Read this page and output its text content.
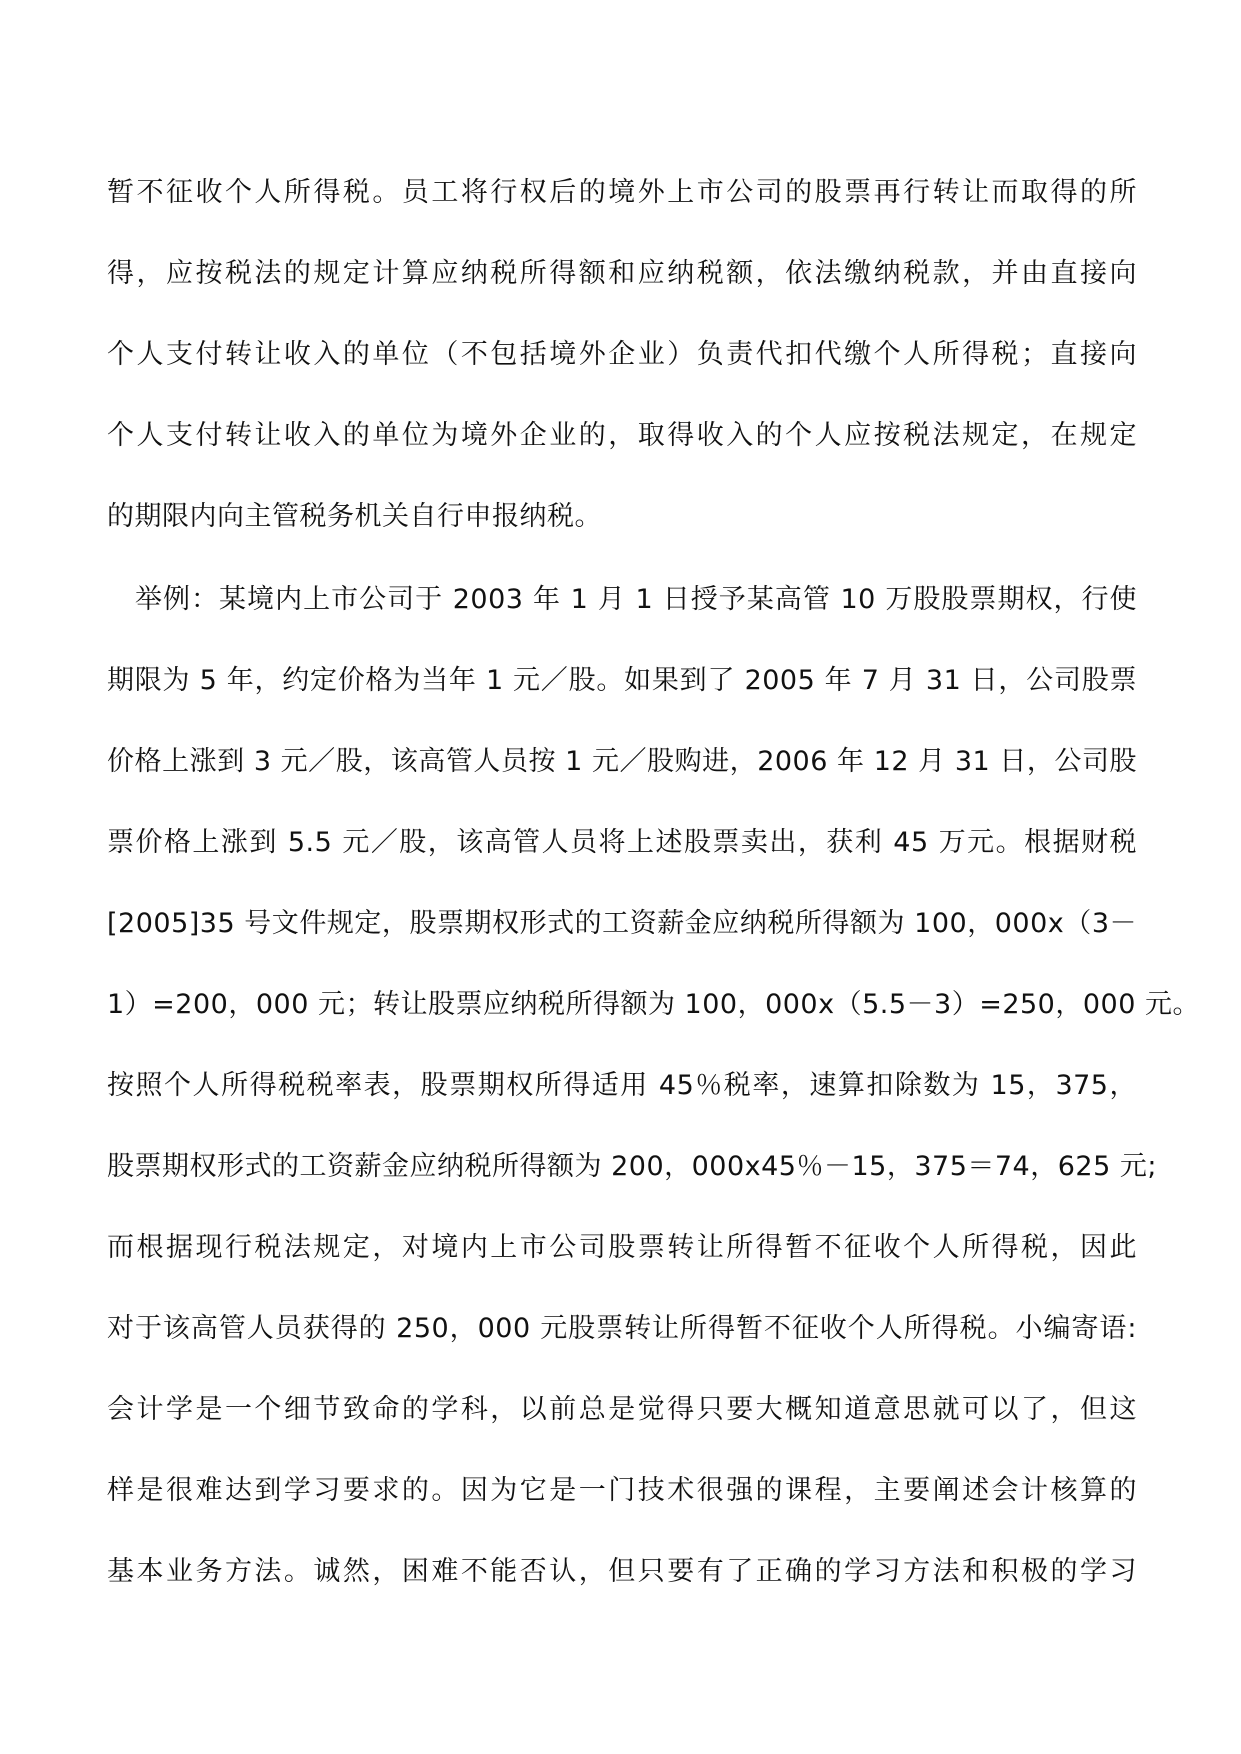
暂不征收个人所得税。员工将行权后的境外上市公司的股票再行转让而取得的所
得，应按税法的规定计算应纳税所得额和应纳税额，依法缴纳税款，并由直接向
个人支付转让收入的单位（不包括境外企业）负责代扣代缴个人所得税；直接向
个人支付转让收入的单位为境外企业的，取得收入的个人应按税法规定，在规定
的期限内向主管税务机关自行申报纳税。
　举例：某境内上市公司于 2003 年 1 月 1 日授予某高管 10 万股股票期权，行使
期限为 5 年，约定价格为当年 1 元／股。如果到了 2005 年 7 月 31 日，公司股票
价格上涨到 3 元／股，该高管人员按 1 元／股购进，2006 年 12 月 31 日，公司股
票价格上涨到 5.5 元／股，该高管人员将上述股票卖出，获利 45 万元。根据财税
[2005]35 号文件规定，股票期权形式的工资薪金应纳税所得额为 100，000x（3－
1）=200，000 元；转让股票应纳税所得额为 100，000x（5.5－3）=250，000 元。
按照个人所得税税率表，股票期权所得适用 45％税率，速算扣除数为 15，375，
股票期权形式的工资薪金应纳税所得额为 200，000x45％－15，375＝74，625 元;
而根据现行税法规定，对境内上市公司股票转让所得暂不征收个人所得税，因此
对于该高管人员获得的 250，000 元股票转让所得暂不征收个人所得税。小编寄语:
会计学是一个细节致命的学科，以前总是觉得只要大概知道意思就可以了，但这
样是很难达到学习要求的。因为它是一门技术很强的课程，主要阐述会计核算的
基本业务方法。诚然，困难不能否认，但只要有了正确的学习方法和积极的学习
